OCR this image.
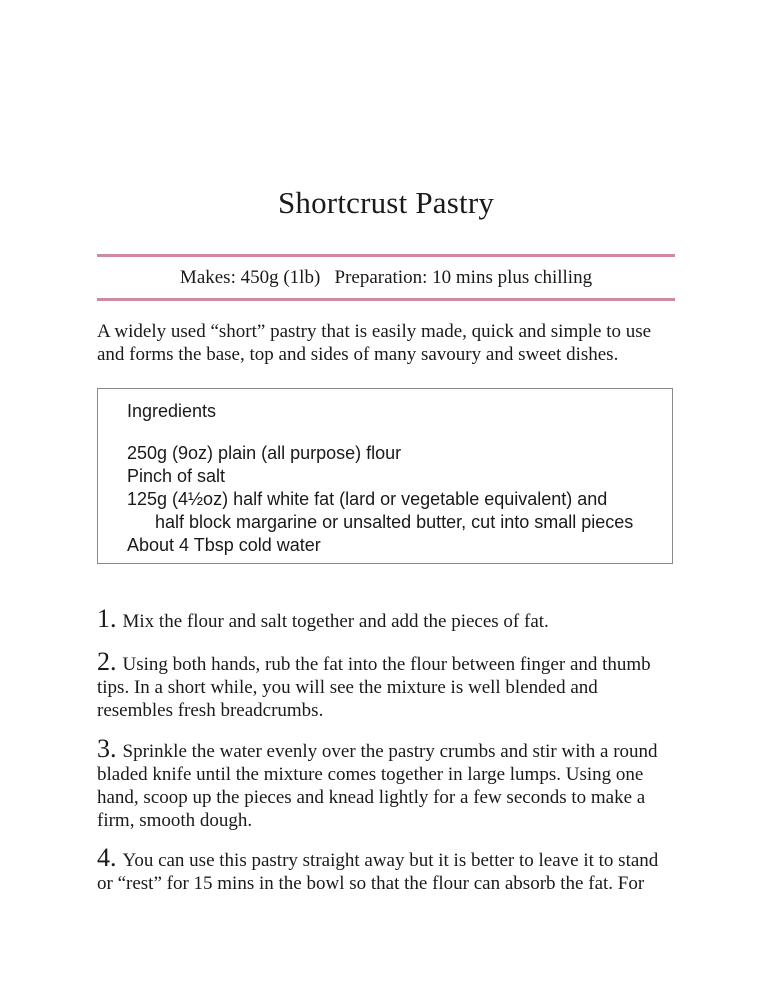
Shortcrust Pastry
Makes: 450g (1lb)   Preparation: 10 mins plus chilling

A widely used “short” pastry that is easily made, quick and simple to use
and forms the base, top and sides of many savoury and sweet dishes.

Ingredients
250g (9oz) plain (all purpose) flour
Pinch of salt
125g (4½oz) half white fat (lard or vegetable equivalent) and
half block margarine or unsalted butter, cut into small pieces
About 4 Tbsp cold water
1. Mix the flour and salt together and add the pieces of fat.
2. Using both hands, rub the fat into the flour between finger and thumb
tips. In a short while, you will see the mixture is well blended and
resembles fresh breadcrumbs.
3. Sprinkle the water evenly over the pastry crumbs and stir with a round
bladed knife until the mixture comes together in large lumps. Using one
hand, scoop up the pieces and knead lightly for a few seconds to make a
firm, smooth dough.
4. You can use this pastry straight away but it is better to leave it to stand
or “rest” for 15 mins in the bowl so that the flour can absorb the fat. For
